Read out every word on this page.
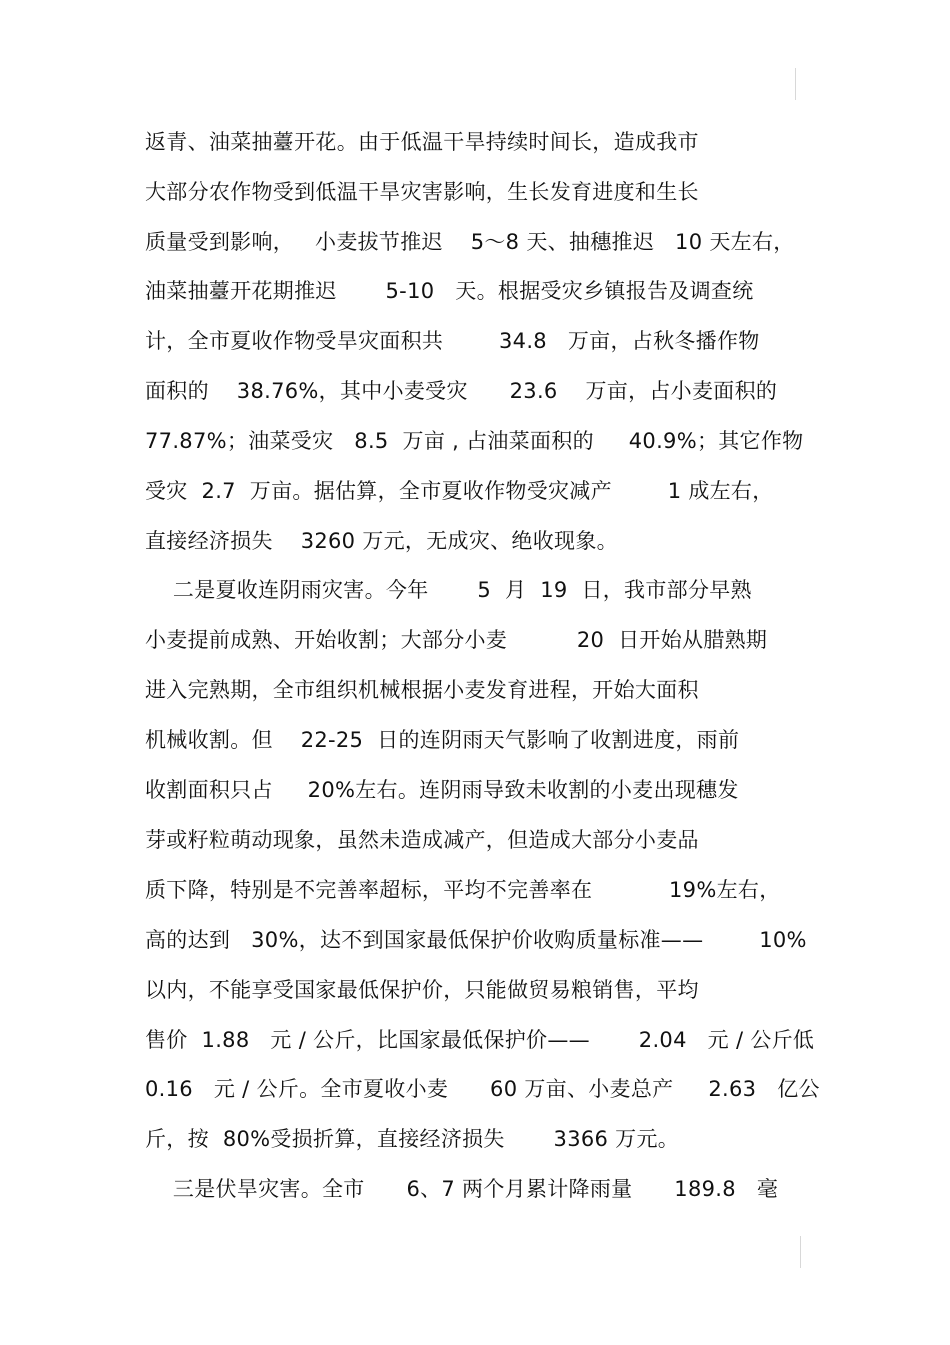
返青、油菜抽薹开花。由于低温干旱持续时间长，造成我市
大部分农作物受到低温干旱灾害影响，生长发育进度和生长
质量受到影响，   小麦拔节推迟    5～8 天、抽穗推迟   10 天左右，
油菜抽薹开花期推迟       5-10   天。根据受灾乡镇报告及调查统
计，全市夏收作物受旱灾面积共        34.8   万亩，占秋冬播作物
面积的    38.76%，其中小麦受灾      23.6    万亩，占小麦面积的
77.87%；油菜受灾   8.5  万亩 , 占油菜面积的     40.9%；其它作物
受灾  2.7  万亩。据估算，全市夏收作物受灾减产        1 成左右，
直接经济损失    3260 万元，无成灾、绝收现象。
二是夏收连阴雨灾害。今年       5  月  19  日，我市部分早熟
小麦提前成熟、开始收割；大部分小麦          20  日开始从腊熟期
进入完熟期，全市组织机械根据小麦发育进程，开始大面积
机械收割。但    22-25  日的连阴雨天气影响了收割进度，雨前
收割面积只占     20%左右。连阴雨导致未收割的小麦出现穗发
芽或籽粒萌动现象，虽然未造成减产，但造成大部分小麦品
质下降，特别是不完善率超标，平均不完善率在           19%左右，
高的达到   30%，达不到国家最低保护价收购质量标准——        10%
以内，不能享受国家最低保护价，只能做贸易粮销售，平均
售价  1.88   元 / 公斤，比国家最低保护价——       2.04   元 / 公斤低
0.16   元 / 公斤。全市夏收小麦      60 万亩、小麦总产     2.63   亿公
斤，按  80%受损折算，直接经济损失       3366 万元。
三是伏旱灾害。全市      6、7 两个月累计降雨量      189.8   毫
